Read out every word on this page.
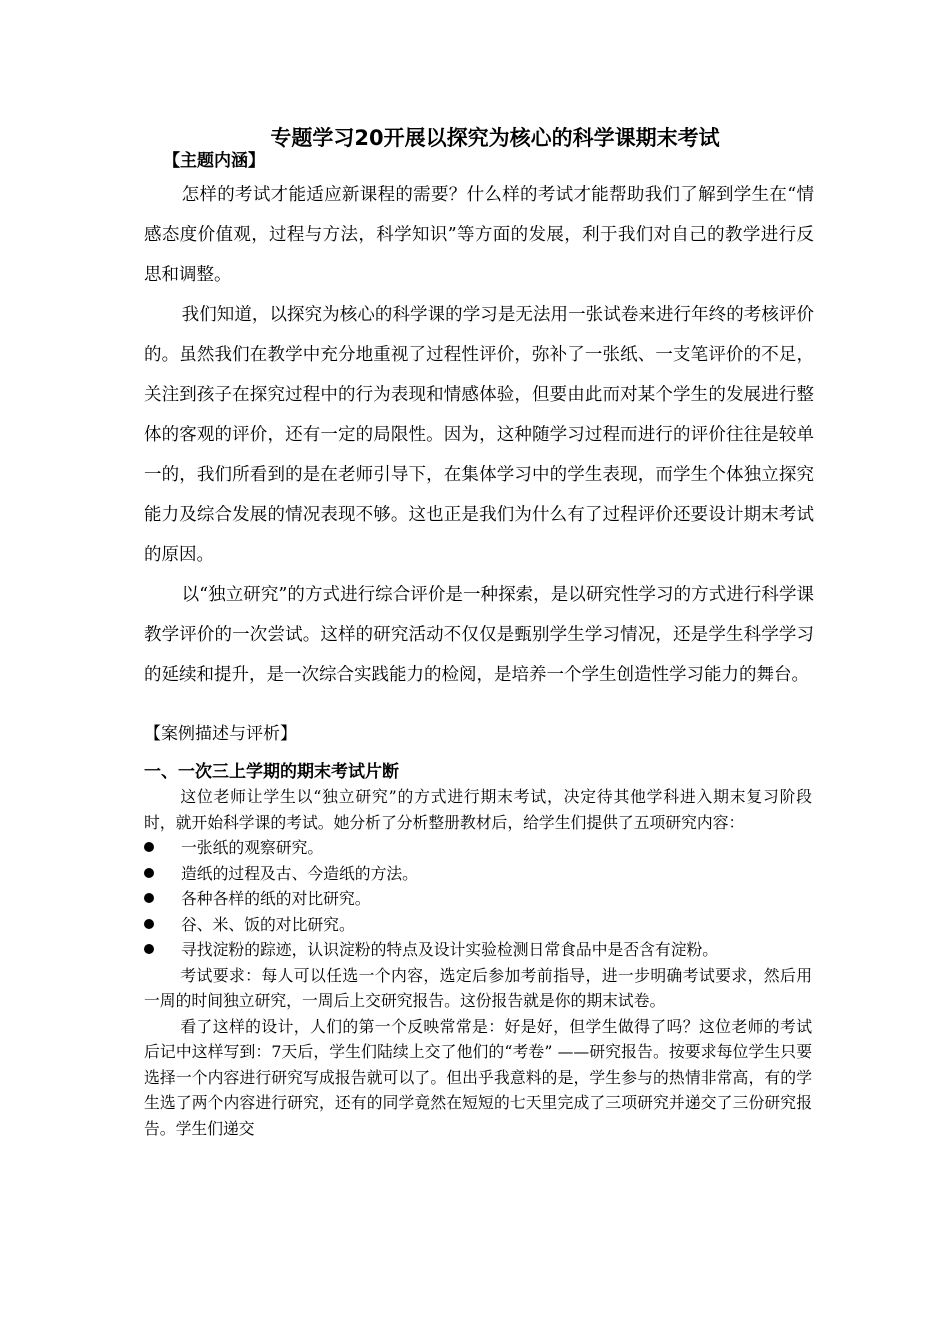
专题学习20开展以探究为核心的科学课期末考试
【主题内涵】

怎样的考试才能适应新课程的需要？什么样的考试才能帮助我们了解到学生在“情感态度价值观，过程与方法，科学知识”等方面的发展，利于我们对自己的教学进行反思和调整。

我们知道，以探究为核心的科学课的学习是无法用一张试卷来进行年终的考核评价的。虽然我们在教学中充分地重视了过程性评价，弥补了一张纸、一支笔评价的不足，关注到孩子在探究过程中的行为表现和情感体验，但要由此而对某个学生的发展进行整体的客观的评价，还有一定的局限性。因为，这种随学习过程而进行的评价往往是较单一的，我们所看到的是在老师引导下，在集体学习中的学生表现，而学生个体独立探究能力及综合发展的情况表现不够。这也正是我们为什么有了过程评价还要设计期末考试的原因。

以“独立研究”的方式进行综合评价是一种探索，是以研究性学习的方式进行科学课教学评价的一次尝试。这样的研究活动不仅仅是甄别学生学习情况，还是学生科学学习的延续和提升，是一次综合实践能力的检阅，是培养一个学生创造性学习能力的舞台。

【案例描述与评析】
一、一次三上学期的期末考试片断

这位老师让学生以“独立研究”的方式进行期末考试，决定待其他学科进入期末复习阶段时，就开始科学课的考试。她分析了分析整册教材后，给学生们提供了五项研究内容：

一张纸的观察研究。
造纸的过程及古、今造纸的方法。
各种各样的纸的对比研究。
谷、米、饭的对比研究。
寻找淀粉的踪迹，认识淀粉的特点及设计实验检测日常食品中是否含有淀粉。

考试要求：每人可以任选一个内容，选定后参加考前指导，进一步明确考试要求，然后用一周的时间独立研究，一周后上交研究报告。这份报告就是你的期末试卷。

看了这样的设计，人们的第一个反映常常是：好是好，但学生做得了吗？这位老师的考试后记中这样写到：7天后，学生们陆续上交了他们的“考卷” ——研究报告。按要求每位学生只要选择一个内容进行研究写成报告就可以了。但出乎我意料的是，学生参与的热情非常高，有的学生选了两个内容进行研究，还有的同学竟然在短短的七天里完成了三项研究并递交了三份研究报告。学生们递交
